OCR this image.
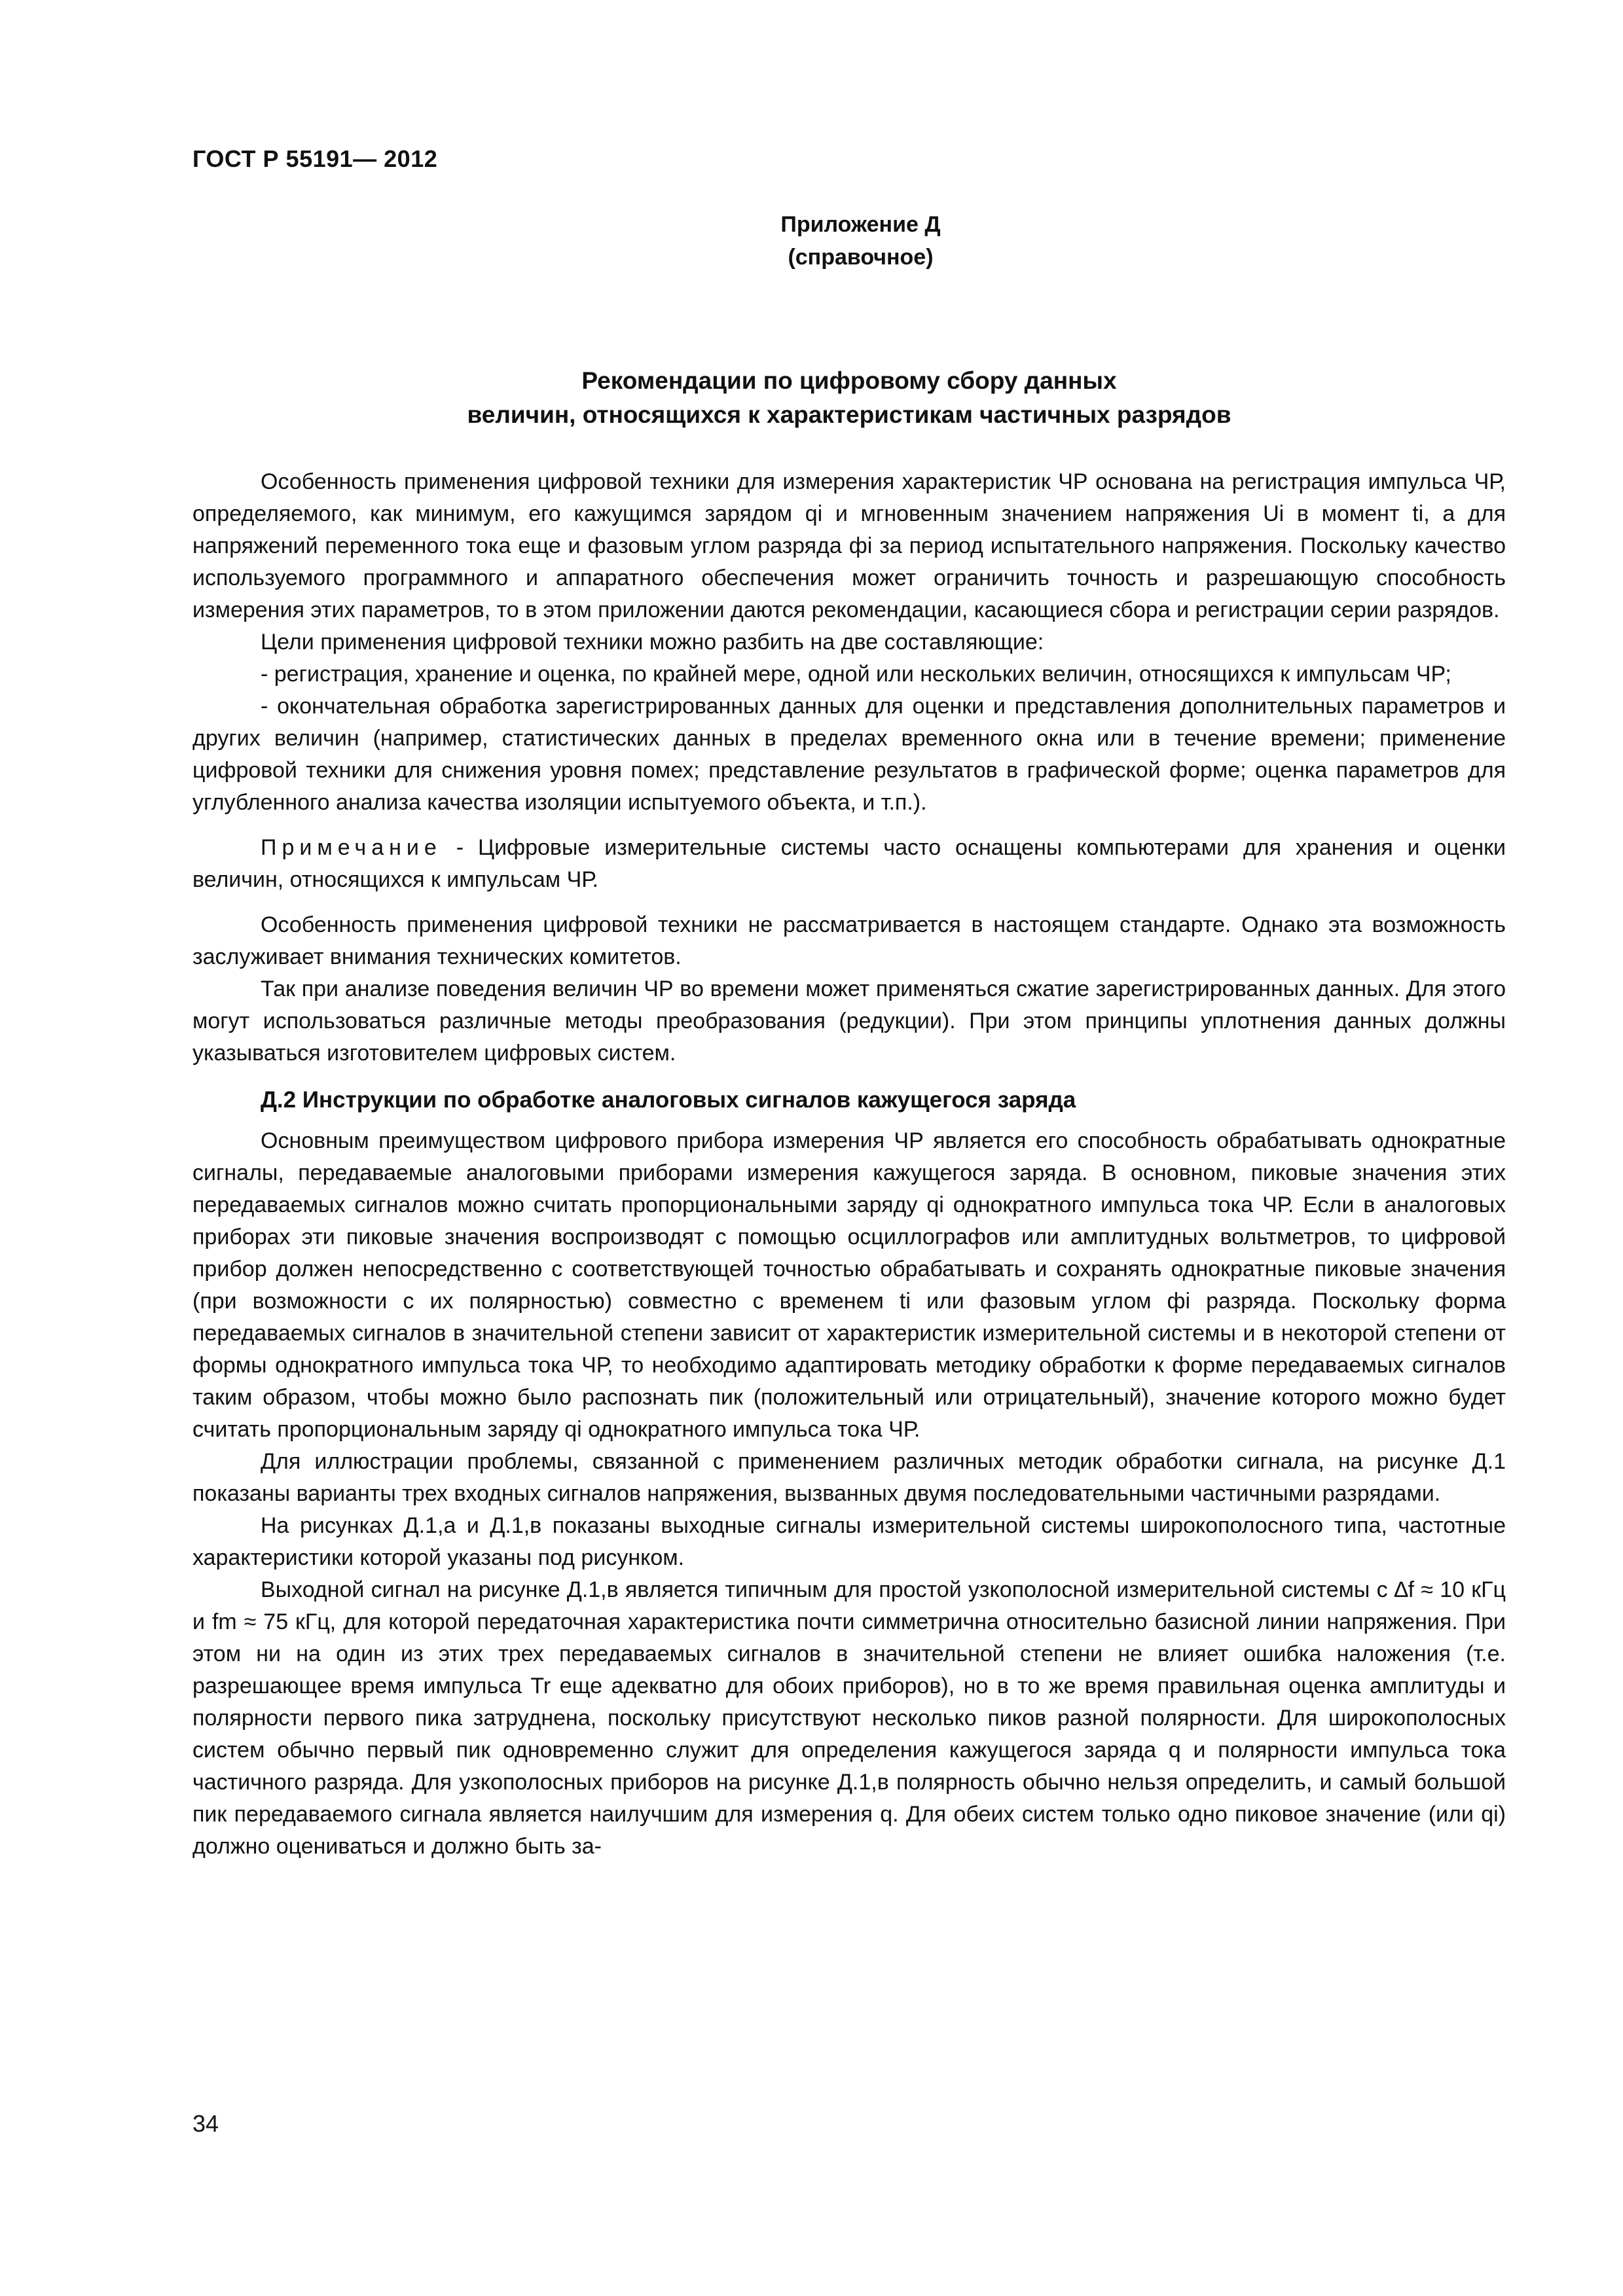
ГОСТ Р 55191— 2012
Приложение Д
(справочное)
Рекомендации по цифровому сбору данных
величин, относящихся к характеристикам частичных разрядов

Особенность применения цифровой техники для измерения характеристик ЧР основана на регистрация импульса ЧР, определяемого, как минимум, его кажущимся зарядом qi и мгновенным значением напряжения Ui в момент ti, а для напряжений переменного тока еще и фазовым углом разряда фi за период испытательного напряжения. Поскольку качество используемого программного и аппаратного обеспечения может ограничить точность и разрешающую способность измерения этих параметров, то в этом приложении даются рекомендации, касающиеся сбора и регистрации серии разрядов.

Цели применения цифровой техники можно разбить на две составляющие:

- регистрация, хранение и оценка, по крайней мере, одной или нескольких величин, относящихся к импульсам ЧР;

- окончательная обработка зарегистрированных данных для оценки и представления дополнительных параметров и других величин (например, статистических данных в пределах временного окна или в течение времени; применение цифровой техники для снижения уровня помех; представление результатов в графической форме; оценка параметров для углубленного анализа качества изоляции испытуемого объекта, и т.п.).

Примечание - Цифровые измерительные системы часто оснащены компьютерами для хранения и оценки величин, относящихся к импульсам ЧР.

Особенность применения цифровой техники не рассматривается в настоящем стандарте. Однако эта возможность заслуживает внимания технических комитетов.

Так при анализе поведения величин ЧР во времени может применяться сжатие зарегистрированных данных. Для этого могут использоваться различные методы преобразования (редукции). При этом принципы уплотнения данных должны указываться изготовителем цифровых систем.

Д.2 Инструкции по обработке аналоговых сигналов кажущегося заряда

Основным преимуществом цифрового прибора измерения ЧР является его способность обрабатывать однократные сигналы, передаваемые аналоговыми приборами измерения кажущегося заряда. В основном, пиковые значения этих передаваемых сигналов можно считать пропорциональными заряду qi однократного импульса тока ЧР. Если в аналоговых приборах эти пиковые значения воспроизводят с помощью осциллографов или амплитудных вольтметров, то цифровой прибор должен непосредственно с соответствующей точностью обрабатывать и сохранять однократные пиковые значения (при возможности с их полярностью) совместно с временем ti или фазовым углом фi разряда. Поскольку форма передаваемых сигналов в значительной степени зависит от характеристик измерительной системы и в некоторой степени от формы однократного импульса тока ЧР, то необходимо адаптировать методику обработки к форме передаваемых сигналов таким образом, чтобы можно было распознать пик (положительный или отрицательный), значение которого можно будет считать пропорциональным заряду qi однократного импульса тока ЧР.

Для иллюстрации проблемы, связанной с применением различных методик обработки сигнала, на рисунке Д.1 показаны варианты трех входных сигналов напряжения, вызванных двумя последовательными частичными разрядами.

На рисунках Д.1,а и Д.1,в показаны выходные сигналы измерительной системы широкополосного типа, частотные характеристики которой указаны под рисунком.

Выходной сигнал на рисунке Д.1,в является типичным для простой узкополосной измерительной системы с ∆f ≈ 10 кГц и fm ≈ 75 кГц, для которой передаточная характеристика почти симметрична относительно базисной линии напряжения. При этом ни на один из этих трех передаваемых сигналов в значительной степени не влияет ошибка наложения (т.е. разрешающее время импульса Tr еще адекватно для обоих приборов), но в то же время правильная оценка амплитуды и полярности первого пика затруднена, поскольку присутствуют несколько пиков разной полярности. Для широкополосных систем обычно первый пик одновременно служит для определения кажущегося заряда q и полярности импульса тока частичного разряда. Для узкополосных приборов на рисунке Д.1,в полярность обычно нельзя определить, и самый большой пик передаваемого сигнала является наилучшим для измерения q. Для обеих систем только одно пиковое значение (или qi) должно оцениваться и должно быть за-

34
